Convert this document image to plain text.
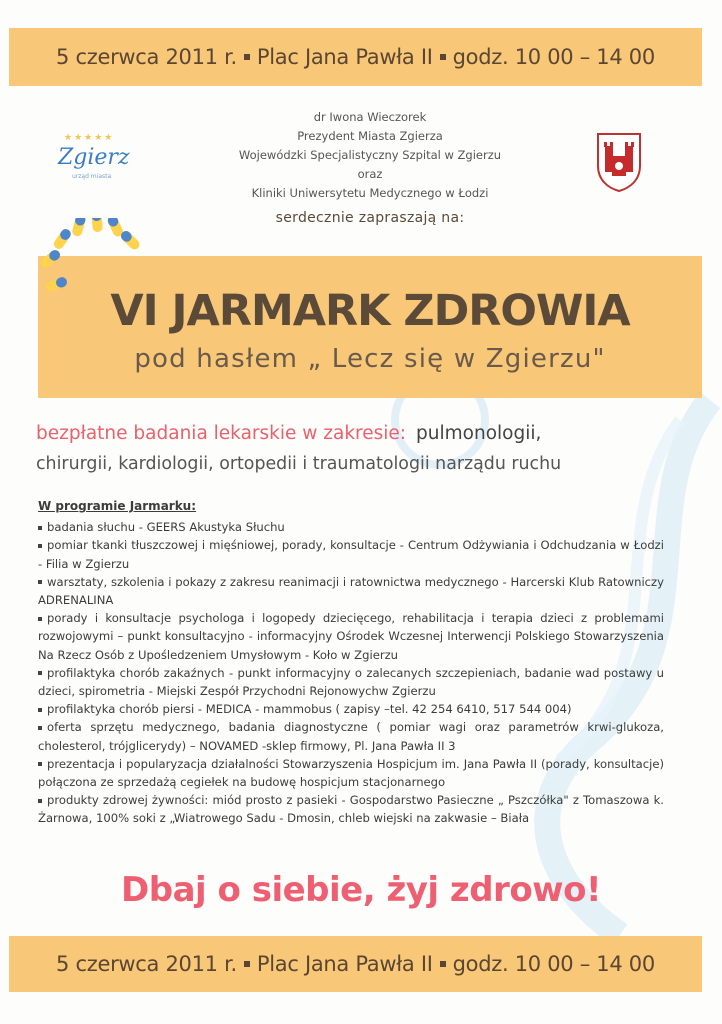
5 czerwca 2011 r. Plac Jana Pawła II godz. 10 00 – 14 00
★★★★★
Zgierz
urząd miasta
dr Iwona Wieczorek
Prezydent Miasta Zgierza
Wojewódzki Specjalistyczny Szpital w Zgierzu
oraz
Kliniki Uniwersytetu Medycznego w Łodzi
serdecznie zapraszają na:
VI JARMARK ZDROWIA
pod hasłem „ Lecz się w Zgierzu"
bezpłatne badania lekarskie w zakresie: pulmonologii,
chirurgii, kardiologii, ortopedii i traumatologii narządu ruchu
W programie Jarmarku:
badania słuchu - GEERS Akustyka Słuchu
pomiar tkanki tłuszczowej i mięśniowej, porady, konsultacje - Centrum Odżywiania i Odchudzania w Łodzi - Filia w Zgierzu
warsztaty, szkolenia i pokazy z zakresu reanimacji i ratownictwa medycznego - Harcerski Klub Ratowniczy ADRENALINA
porady i konsultacje psychologa i logopedy dziecięcego, rehabilitacja i terapia dzieci z problemami rozwojowymi – punkt konsultacyjno - informacyjny Ośrodek Wczesnej Interwencji Polskiego Stowarzyszenia Na Rzecz Osób z Upośledzeniem Umysłowym - Koło w Zgierzu
profilaktyka chorób zakaźnych - punkt informacyjny o zalecanych szczepieniach, badanie wad postawy u dzieci, spirometria - Miejski Zespół Przychodni Rejonowychw Zgierzu
profilaktyka chorób piersi - MEDICA - mammobus ( zapisy –tel. 42 254 6410, 517 544 004)
oferta sprzętu medycznego, badania diagnostyczne ( pomiar wagi oraz parametrów krwi-glukoza, cholesterol, trójglicerydy) – NOVAMED -sklep firmowy, Pl. Jana Pawła II 3
prezentacja i popularyzacja działalności Stowarzyszenia Hospicjum im. Jana Pawła II (porady, konsultacje) połączona ze sprzedażą cegiełek na budowę hospicjum stacjonarnego
produkty zdrowej żywności: miód prosto z pasieki - Gospodarstwo Pasieczne „ Pszczółka" z Tomaszowa k. Żarnowa, 100% soki z „Wiatrowego Sadu - Dmosin, chleb wiejski na zakwasie – Biała
Dbaj o siebie, żyj zdrowo!
5 czerwca 2011 r. Plac Jana Pawła II godz. 10 00 – 14 00
